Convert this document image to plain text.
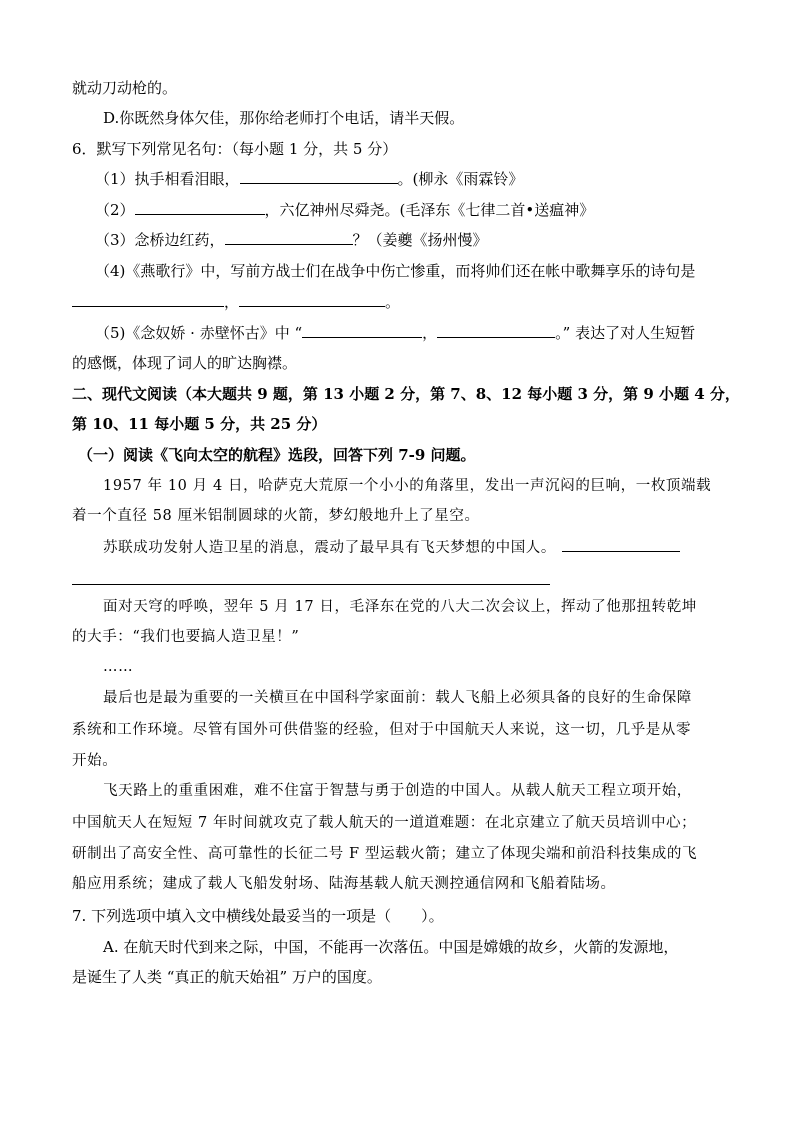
就动刀动枪的。
D.你既然身体欠佳，那你给老师打个电话，请半天假。
6．默写下列常见名句：（每小题 1 分，共 5 分）
（1）执手相看泪眼，	。(柳永《雨霖铃》
（2）	，六亿神州尽舜尧。(毛泽东《七律二首•送瘟神》
（3）念桥边红药，	？（姜夔《扬州慢》
（4)《燕歌行》中，写前方战士们在战争中伤亡惨重，而将帅们还在帐中歌舞享乐的诗句是
，	。
（5)《念奴娇 · 赤壁怀古》中 “	，	。” 表达了对人生短暂
的感慨，体现了词人的旷达胸襟。
二、现代文阅读（本大题共 9 题，第 13 小题 2 分，第 7、8、12 每小题 3 分，第 9 小题 4 分，
第 10、11 每小题 5 分，共 25 分）
（一）阅读《飞向太空的航程》选段，回答下列 7-9 问题。
1957 年 10 月 4 日，哈萨克大荒原一个小小的角落里，发出一声沉闷的巨响，一枚顶端载
着一个直径 58 厘米铝制圆球的火箭，梦幻般地升上了星空。
苏联成功发射人造卫星的消息，震动了最早具有飞天梦想的中国人。
面对天穹的呼唤，翌年 5 月 17 日，毛泽东在党的八大二次会议上，挥动了他那扭转乾坤
的大手：“我们也要搞人造卫星！”
……
最后也是最为重要的一关横亘在中国科学家面前：载人飞船上必须具备的良好的生命保障
系统和工作环境。尽管有国外可供借鉴的经验，但对于中国航天人来说，这一切，几乎是从零
开始。
飞天路上的重重困难，难不住富于智慧与勇于创造的中国人。从载人航天工程立项开始，
中国航天人在短短 7 年时间就攻克了载人航天的一道道难题：在北京建立了航天员培训中心；
研制出了高安全性、高可靠性的长征二号 F 型运载火箭；建立了体现尖端和前沿科技集成的飞
船应用系统；建成了载人飞船发射场、陆海基载人航天测控通信网和飞船着陆场。
7. 下列选项中填入文中横线处最妥当的一项是（　　）。
A. 在航天时代到来之际，中国，不能再一次落伍。中国是嫦娥的故乡，火箭的发源地，
是诞生了人类 “真正的航天始祖” 万户的国度。
